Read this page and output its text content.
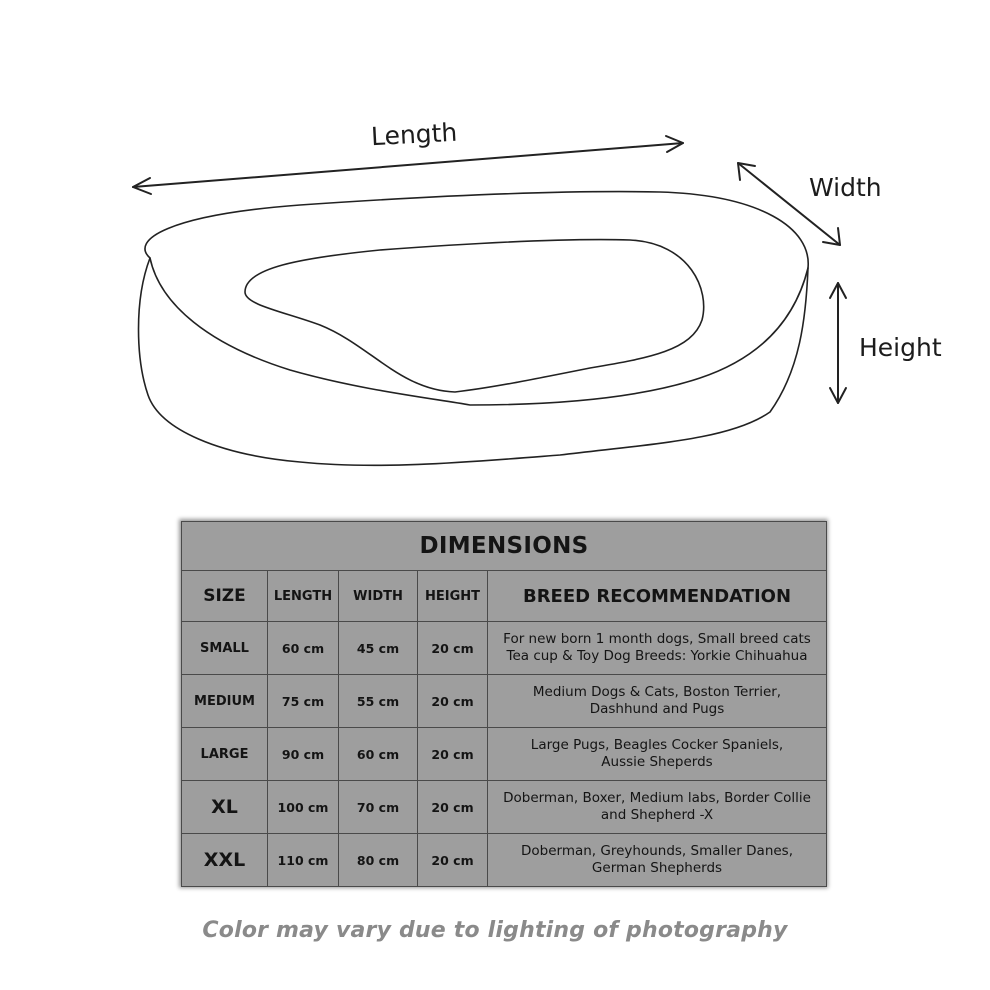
Length
Width
Height
DIMENSIONS				
SIZE	LENGTH	WIDTH	HEIGHT	BREED RECOMMENDATION
SMALL	60 cm	45 cm	20 cm	For new born 1 month dogs, Small breed cats
Tea cup & Toy Dog Breeds: Yorkie Chihuahua

MEDIUM	75 cm	55 cm	20 cm	Medium Dogs & Cats, Boston Terrier,
Dashhund and Pugs

LARGE	90 cm	60 cm	20 cm	Large Pugs, Beagles Cocker Spaniels,
Aussie Sheperds

XL	100 cm	70 cm	20 cm	Doberman, Boxer, Medium labs, Border Collie
and Shepherd -X

XXL	110 cm	80 cm	20 cm	Doberman, Greyhounds, Smaller Danes,
German Shepherds
Color may vary due to lighting of photography
